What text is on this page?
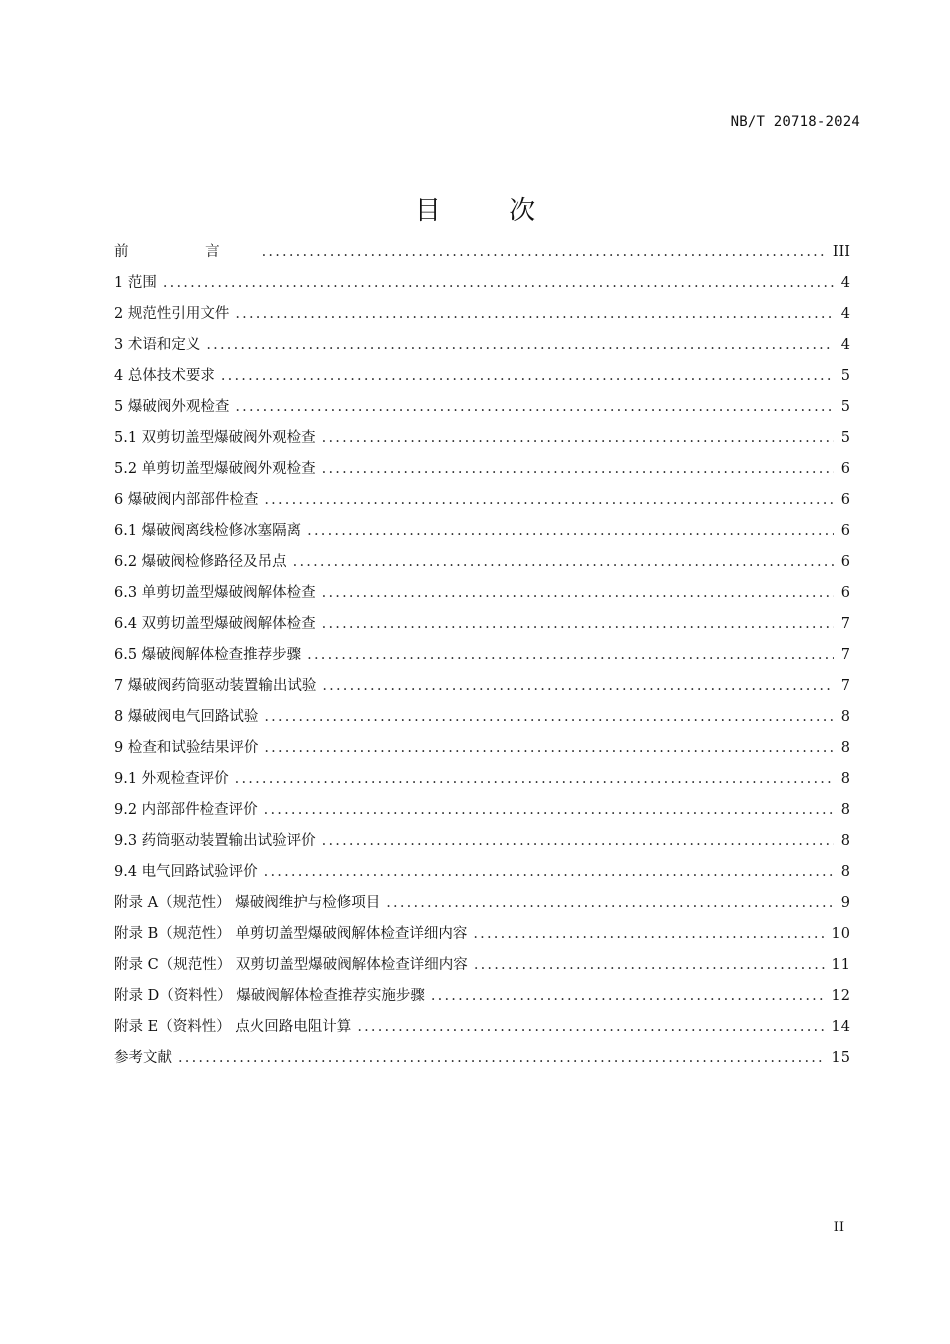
NB/T 20718-2024
目 次
前 言 .....	III
1 范围 .....	4
2 规范性引用文件 .....	4
3 术语和定义 .....	4
4 总体技术要求 .....	5
5 爆破阀外观检查 .....	5
5.1 双剪切盖型爆破阀外观检查 .....	5
5.2 单剪切盖型爆破阀外观检查 .....	6
6 爆破阀内部部件检查 .....	6
6.1 爆破阀离线检修冰塞隔离 .....	6
6.2 爆破阀检修路径及吊点 .....	6
6.3 单剪切盖型爆破阀解体检查 .....	6
6.4 双剪切盖型爆破阀解体检查 .....	7
6.5 爆破阀解体检查推荐步骤 .....	7
7 爆破阀药筒驱动装置输出试验 .....	7
8 爆破阀电气回路试验 .....	8
9 检查和试验结果评价 .....	8
9.1 外观检查评价 .....	8
9.2 内部部件检查评价 .....	8
9.3 药筒驱动装置输出试验评价 .....	8
9.4 电气回路试验评价 .....	8
附录 A（规范性） 爆破阀维护与检修项目 .....	9
附录 B（规范性） 单剪切盖型爆破阀解体检查详细内容 .....	10
附录 C（规范性） 双剪切盖型爆破阀解体检查详细内容 .....	11
附录 D（资料性） 爆破阀解体检查推荐实施步骤 .....	12
附录 E（资料性） 点火回路电阻计算 .....	14
参考文献 .....	15
II
